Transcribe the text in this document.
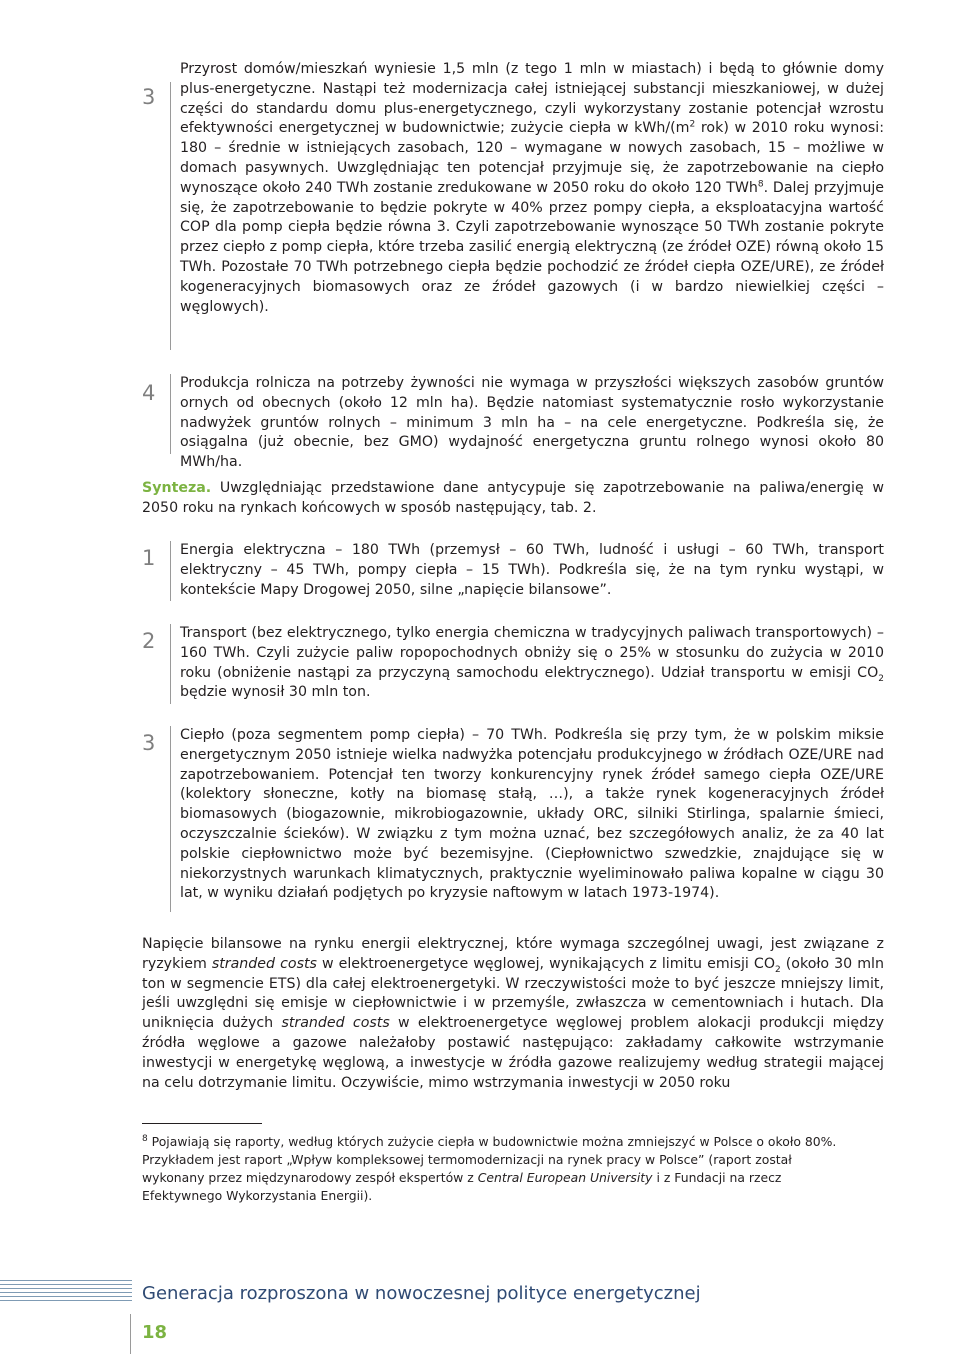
3
Przyrost domów/mieszkań wyniesie 1,5 mln (z tego 1 mln w miastach) i będą to głównie domy plus-energetyczne. Nastąpi też modernizacja całej istniejącej substancji mieszkaniowej, w dużej części do standardu domu plus-energetycznego, czyli wykorzystany zostanie potencjał wzrostu efektywności energetycznej w budownictwie; zużycie ciepła w kWh/($m^2$ rok) w 2010 roku wynosi: 180 – średnie w istniejących zasobach, 120 – wymagane w nowych zasobach, 15 – możliwe w domach pasywnych. Uwzględniając ten potencjał przyjmuje się, że zapotrzebowanie na ciepło wynoszące około 240 TWh zostanie zredukowane w 2050 roku do około 120 TWh$^8$. Dalej przyjmuje się, że zapotrzebowanie to będzie pokryte w 40% przez pompy ciepła, a eksploatacyjna wartość COP dla pomp ciepła będzie równa 3. Czyli zapotrzebowanie wynoszące 50 TWh zostanie pokryte przez ciepło z pomp ciepła, które trzeba zasilić energią elektryczną (ze źródeł OZE) równą około 15 TWh. Pozostałe 70 TWh potrzebnego ciepła będzie pochodzić ze źródeł ciepła OZE/URE), ze źródeł kogeneracyjnych biomasowych oraz ze źródeł gazowych (i w bardzo niewielkiej części – węglowych).
4 Produkcja rolnicza na potrzeby żywności nie wymaga w przyszłości większych zasobów gruntów ornych od obecnych (około 12 mln ha). Będzie natomiast systematycznie rosło wykorzystanie nadwyżek gruntów rolnych – minimum 3 mln ha – na cele energetyczne. Podkreśla się, że osiągalna (już obecnie, bez GMO) wydajność energetyczna gruntu rolnego wynosi około 80 MWh/ha.
Synteza. Uwzględniając przedstawione dane antycypuje się zapotrzebowanie na paliwa/energię w 2050 roku na rynkach końcowych w sposób następujący, tab. 2.
1 Energia elektryczna – 180 TWh (przemysł – 60 TWh, ludność i usługi – 60 TWh, transport elektryczny – 45 TWh, pompy ciepła – 15 TWh). Podkreśla się, że na tym rynku wystąpi, w kontekście Mapy Drogowej 2050, silne „napięcie bilansowe”.
2 Transport (bez elektrycznego, tylko energia chemiczna w tradycyjnych paliwach transportowych) – 160 TWh. Czyli zużycie paliw ropopochodnych obniży się o 25% w stosunku do zużycia w 2010 roku (obniżenie nastąpi za przyczyną samochodu elektrycznego). Udział transportu w emisji $CO_2$ będzie wynosił 30 mln ton.
3 Ciepło (poza segmentem pomp ciepła) – 70 TWh. Podkreśla się przy tym, że w polskim miksie energetycznym 2050 istnieje wielka nadwyżka potencjału produkcyjnego w źródłach OZE/URE nad zapotrzebowaniem. Potencjał ten tworzy konkurencyjny rynek źródeł samego ciepła OZE/URE (kolektory słoneczne, kotły na biomasę stałą, …), a także rynek kogeneracyjnych źródeł biomasowych (biogazownie, mikrobiogazownie, układy ORC, silniki Stirlinga, spalarnie śmieci, oczyszczalnie ścieków). W związku z tym można uznać, bez szczegółowych analiz, że za 40 lat polskie ciepłownictwo może być bezemisyjne. (Ciepłownictwo szwedzkie, znajdujące się w niekorzystnych warunkach klimatycznych, praktycznie wyeliminowało paliwa kopalne w ciągu 30 lat, w wyniku działań podjętych po kryzysie naftowym w latach 1973-1974).
Napięcie bilansowe na rynku energii elektrycznej, które wymaga szczególnej uwagi, jest związane z ryzykiem stranded costs w elektroenergetyce węglowej, wynikających z limitu emisji $CO_2$ (około 30 mln ton w segmencie ETS) dla całej elektroenergetyki. W rzeczywistości może to być jeszcze mniejszy limit, jeśli uwzględni się emisje w ciepłownictwie i w przemyśle, zwłaszcza w cementowniach i hutach. Dla uniknięcia dużych stranded costs w elektroenergetyce węglowej problem alokacji produkcji między źródła węglowe a gazowe należałoby postawić następująco: zakładamy całkowite wstrzymanie inwestycji w energetykę węglową, a inwestycje w źródła gazowe realizujemy według strategii mającej na celu dotrzymanie limitu. Oczywiście, mimo wstrzymania inwestycji w 2050 roku
$^8$ Pojawiają się raporty, według których zużycie ciepła w budownictwie można zmniejszyć w Polsce o około 80%. Przykładem jest raport „Wpływ kompleksowej termomodernizacji na rynek pracy w Polsce” (raport został wykonany przez międzynarodowy zespół ekspertów z Central European University i z Fundacji na rzecz Efektywnego Wykorzystania Energii).
Generacja rozproszona w nowoczesnej polityce energetycznej
18
